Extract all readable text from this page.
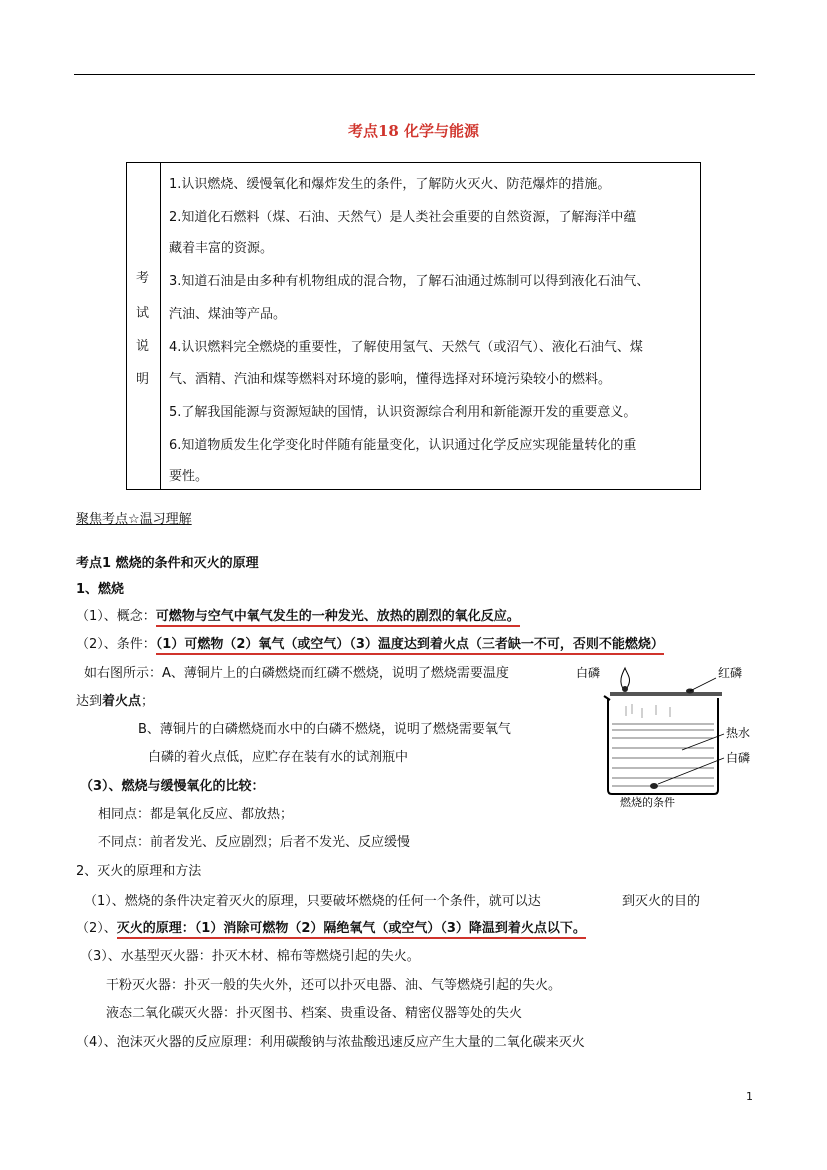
考点18 化学与能源
考
试
说
明
1.认识燃烧、缓慢氧化和爆炸发生的条件，了解防火灭火、防范爆炸的措施。
2.知道化石燃料（煤、石油、天然气）是人类社会重要的自然资源，了解海洋中蕴
藏着丰富的资源。
3.知道石油是由多种有机物组成的混合物，了解石油通过炼制可以得到液化石油气、
汽油、煤油等产品。
4.认识燃料完全燃烧的重要性，了解使用氢气、天然气（或沼气）、液化石油气、煤
气、酒精、汽油和煤等燃料对环境的影响，懂得选择对环境污染较小的燃料。
5.了解我国能源与资源短缺的国情，认识资源综合利用和新能源开发的重要意义。
6.知道物质发生化学变化时伴随有能量变化，认识通过化学反应实现能量转化的重
要性。
聚焦考点☆温习理解
考点1 燃烧的条件和灭火的原理
1、燃烧
（1）、概念：可燃物与空气中氧气发生的一种发光、放热的剧烈的氧化反应。
（2）、条件：（1）可燃物（2）氧气（或空气）（3）温度达到着火点（三者缺一不可，否则不能燃烧）
如右图所示：A、薄铜片上的白磷燃烧而红磷不燃烧，说明了燃烧需要温度
达到着火点；
B、薄铜片的白磷燃烧而水中的白磷不燃烧，说明了燃烧需要氧气
白磷的着火点低，应贮存在装有水的试剂瓶中
（3）、燃烧与缓慢氧化的比较：
相同点：都是氧化反应、都放热；
不同点：前者发光、反应剧烈；后者不发光、反应缓慢
2、灭火的原理和方法
（1）、燃烧的条件决定着灭火的原理，只要破坏燃烧的任何一个条件，就可以达	到灭火的目的
（2）、灭火的原理：（1）消除可燃物（2）隔绝氧气（或空气）（3）降温到着火点以下。
（3）、水基型灭火器：扑灭木材、棉布等燃烧引起的失火。
干粉灭火器：扑灭一般的失火外，还可以扑灭电器、油、气等燃烧引起的失火。
液态二氧化碳灭火器：扑灭图书、档案、贵重设备、精密仪器等处的失火
（4）、泡沫灭火器的反应原理：利用碳酸钠与浓盐酸迅速反应产生大量的二氧化碳来灭火
白磷	红磷
热水
白磷
燃烧的条件
1
